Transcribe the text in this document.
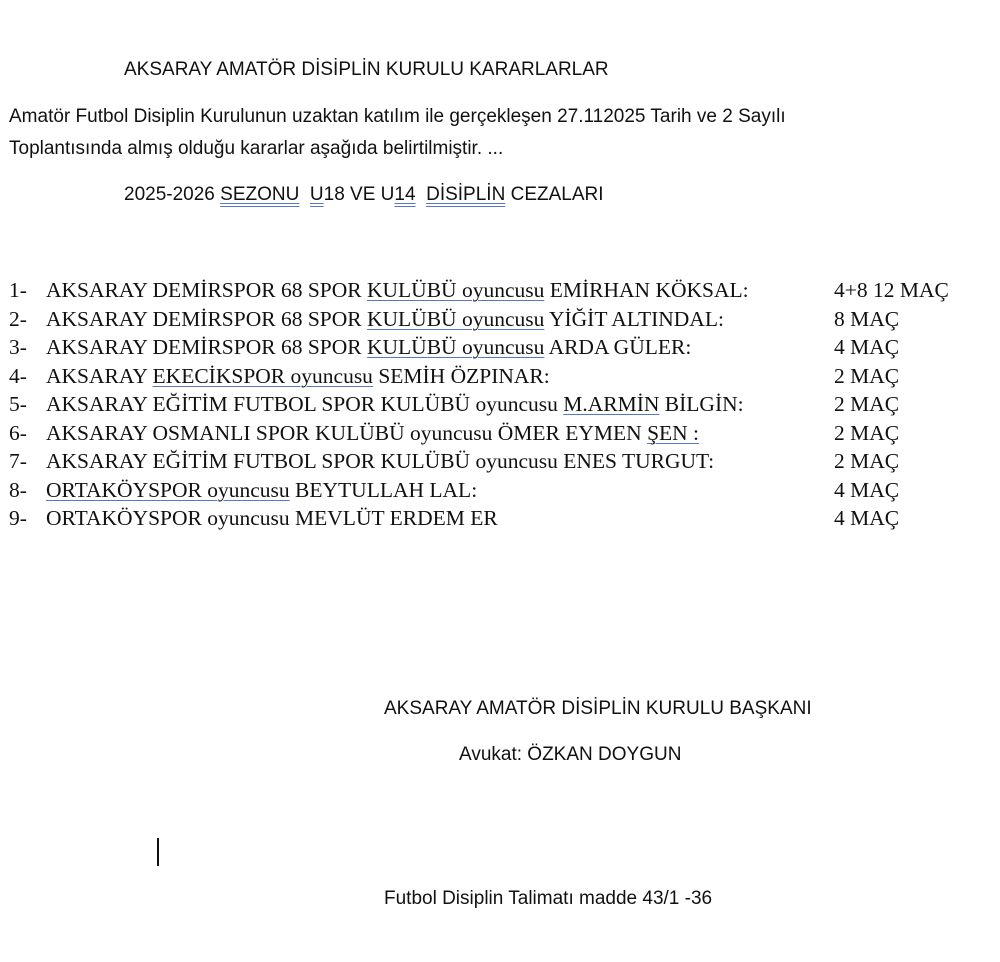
AKSARAY AMATÖR DİSİPLİN KURULU KARARLARLAR
Amatör Futbol Disiplin Kurulunun uzaktan katılım ile gerçekleşen 27.112025 Tarih ve 2 Sayılı
Toplantısında almış olduğu kararlar aşağıda belirtilmiştir. ...
2025-2026 SEZONU U18 VE U14 DİSİPLİN CEZALARI
1- AKSARAY DEMİRSPOR 68 SPOR KULÜBÜ oyuncusu EMİRHAN KÖKSAL:	4+8 12 MAÇ
2- AKSARAY DEMİRSPOR 68 SPOR KULÜBÜ oyuncusu YİĞİT ALTINDAL:	8 MAÇ
3- AKSARAY DEMİRSPOR 68 SPOR KULÜBÜ oyuncusu ARDA GÜLER:	4 MAÇ
4- AKSARAY EKECİKSPOR oyuncusu SEMİH ÖZPINAR:	2 MAÇ
5- AKSARAY EĞİTİM FUTBOL SPOR KULÜBÜ oyuncusu M.ARMİN BİLGİN:	2 MAÇ
6- AKSARAY OSMANLI SPOR KULÜBÜ oyuncusu ÖMER EYMEN ŞEN :	2 MAÇ
7- AKSARAY EĞİTİM FUTBOL SPOR KULÜBÜ oyuncusu ENES TURGUT:	2 MAÇ
8- ORTAKÖYSPOR oyuncusu BEYTULLAH LAL:	4 MAÇ
9- ORTAKÖYSPOR oyuncusu MEVLÜT ERDEM ER	4 MAÇ
AKSARAY AMATÖR DİSİPLİN KURULU BAŞKANI
Avukat: ÖZKAN DOYGUN
Futbol Disiplin Talimatı madde 43/1 -36
